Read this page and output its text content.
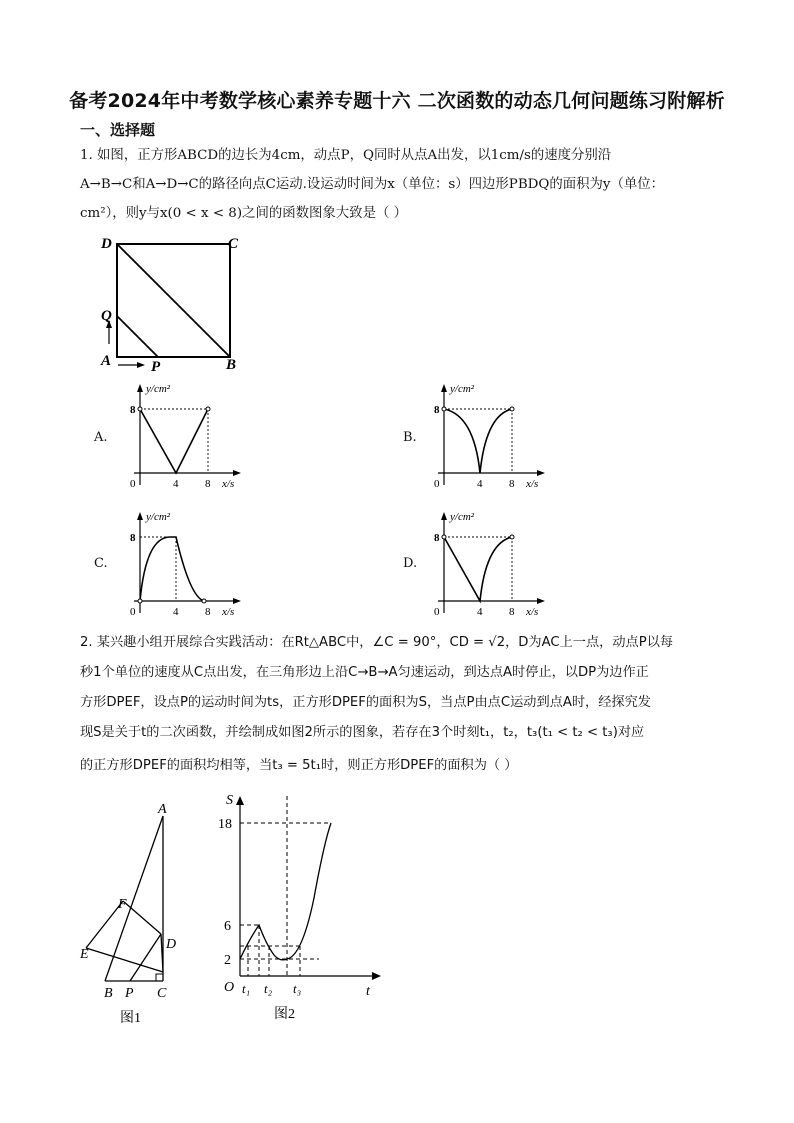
备考2024年中考数学核心素养专题十六 二次函数的动态几何问题练习附解析
一、选择题
1. 如图，正方形ABCD的边长为4cm，动点P，Q同时从点A出发，以1cm/s的速度分别沿
A→B→C和A→D→C的路径向点C运动.设运动时间为x（单位：s）四边形PBDQ的面积为y（单位：
cm²），则y与x(0 < x < 8)之间的函数图象大致是（ ）
D	C
Q
A	P	B
A.	B.
C.	D.
y/cm²
8
0	4 8 x/s
y/cm²
8
0	4 8 x/s
y/cm²
8
0	4 8 x/s
y/cm²
8
0	4 8 x/s
2. 某兴趣小组开展综合实践活动：在Rt△ABC中，∠C = 90°，CD = √2，D为AC上一点，动点P以每
秒1个单位的速度从C点出发，在三角形边上沿C→B→A匀速运动，到达点A时停止，以DP为边作正
方形DPEF，设点P的运动时间为ts，正方形DPEF的面积为S，当点P由点C运动到点A时，经探究发
现S是关于t的二次函数，并绘制成如图2所示的图象，若存在3个时刻t₁，t₂，t₃(t₁ < t₂ < t₃)对应
的正方形DPEF的面积均相等，当t₃ = 5t₁时，则正方形DPEF的面积为（ ）
A
F
E
D
B P C
图1
S
18
6
2
O t₁ t₂ t₃	t
图2
